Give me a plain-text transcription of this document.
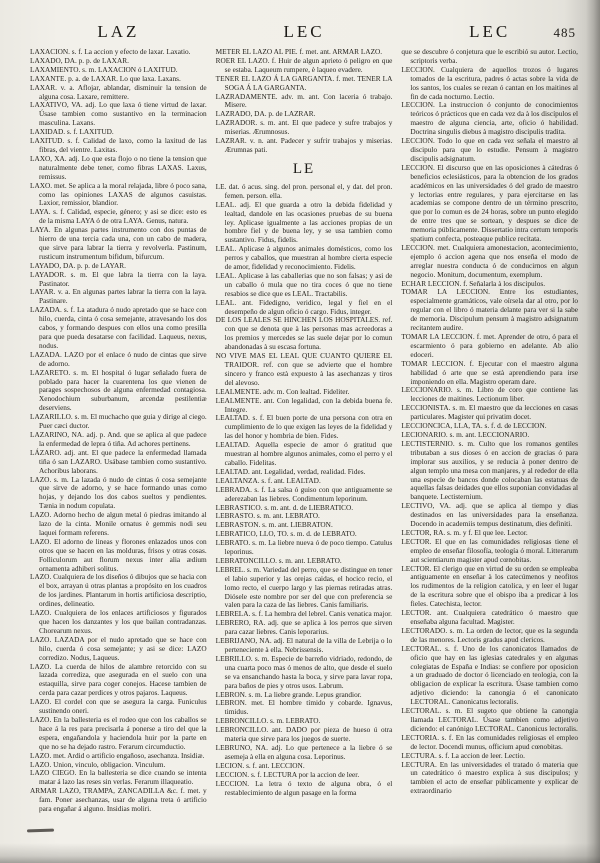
LAZ

LAXACION. s. f. La accion y efecto de laxar. Laxatio.

LAXADO, DA. p. p. de LAXAR.

LAXAMIENTO. s. m. LAXACION ó LAXITUD.

LAXANTE. p. a. de LAXAR. Lo que laxa. Laxans.

LAXAR. v. a. Aflojar, ablandar, disminuir la tension de alguna cosa. Laxare, remittere.

LAXATIVO, VA. adj. Lo que laxa ó tiene virtud de laxar. Úsase tambien como sustantivo en la terminacion masculina. Laxans.

LAXIDAD. s. f. LAXITUD.

LAXITUD. s. f. Calidad de laxo, como la laxitud de las fibras, del vientre. Laxitas.

LAXO, XA. adj. Lo que esta flojo o no tiene la tension que naturalmente debe tener, como fibras LAXAS. Laxus, remissus.

LAXO. met. Se aplica a la moral relajada, libre ó poco sana, como las opiniones LAXAS de algunos casuistas. Laxior, remissior, blandior.

LAYA. s. f. Calidad, especie, género; y asi se dice: esto es de la misma LAYA ó de otra LAYA. Genus, natura.

LAYA. En algunas partes instrumento con dos puntas de hierro de una tercia cada una, con un cabo de madera, que sirve para labrar la tierra y revolverla. Pastinum, rusticum instrumentum bifidum, bifurcum.

LAYADO, DA. p. p. de LAYAR.

LAYADOR. s. m. El que labra la tierra con la laya. Pastinator.

LAYAR. v. a. En algunas partes labrar la tierra con la laya. Pastinare.

LAZADA. s. f. La atadura ó nudo apretado que se hace con hilo, cuerda, cinta ó cosa semejante, atravesando los dos cabos, y formando despues con ellos una como presilla para que pueda desatarse con facilidad. Laqueus, nexus, nodus.

LAZADA. LAZO por el enlace ó nudo de cintas que sirve de adorno.

LAZARETO. s. m. El hospital ó lugar señalado fuera de poblado para hacer la cuarentena los que vienen de parages sospechosos de alguna enfermedad contagiosa. Xenodochium suburbanum, arcendæ pestilentiæ deserviens.

LAZARILLO. s. m. El muchacho que guia y dirige al ciego. Puer cæci ductor.

LAZARINO, NA. adj. p. And. que se aplica al que padece la enfermedad de lepra ó tiña. Ad achores pertinens.

LÁZARO. adj. ant. El que padece la enfermedad llamada tiña ó san LAZARO. Usábase tambien como sustantivo. Achoribus laborans.

LAZO. s. m. La lazada ó nudo de cintas ó cosa semejante que sirve de adorno, y se hace formando unas como hojas, y dejando los dos cabos sueltos y pendientes. Tænia in nodum copulata.

LAZO. Adorno hecho de algun metal ó piedras imitando al lazo de la cinta. Monile ornatus è gemmis nodi seu laquei formam referens.

LAZO. El adorno de lineas y florones enlazados unos con otros que se hacen en las molduras, frisos y otras cosas. Folliculorum aut florum nexus inter alia ædium ornamenta adhiberi solitus.

LAZO. Cualquiera de los diseños ó dibujos que se hacia con el box, arrayan ú otras plantas a propósito en los cuadros de los jardines. Plantarum in hortis artificiosa descriptio, ordines, delineatio.

LAZO. Cualquiera de los enlaces artificiosos y figurados que hacen los danzantes y los que bailan contradanzas. Chorearum nexus.

LAZO. LAZADA por el nudo apretado que se hace con hilo, cuerda ó cosa semejante; y asi se dice: LAZO corredizo. Nodus, Laqueus.

LAZO. La cuerda de hilos de alambre retorcido con su lazada corrediza, que asegurada en el suelo con una estaquilla, sirve para coger conejos. Hacese tambien de cerda para cazar perdices y otros pajaros. Laqueus.

LAZO. El cordel con que se asegura la carga. Funiculus sustinendo oneri.

LAZO. En la ballesteria es el rodeo que con los caballos se hace á la res para precisarla á ponerse a tiro del que la espera, engañandola y haciendola huir por la parte en que no se ha dejado rastro. Ferarum circumductio.

LAZO. met. Ardid o artificio engañoso, asechanza. Insidiæ.

LAZO. Union, vinculo, obligacion. Vinculum.

LAZO CIEGO. En la ballesteria se dice cuando se intenta matar á lazo las reses sin verlas. Ferarum illaqueatio.

ARMAR LAZO, TRAMPA, ZANCADILLA &c. f. met. y fam. Poner asechanzas, usar de alguna treta ó artificio para engañar á alguno. Insidias moliri.

LEC

METER EL LAZO AL PIE. f. met. ant. ARMAR LAZO.

ROER EL LAZO. f. Huir de algun aprieto ó peligro en que se estaba. Laqueum rumpere, è laqueo evadere.

TENER EL LAZO Á LA GARGANTA. f. met. TENER LA SOGA Á LA GARGANTA.

LAZRADAMENTE. adv. m. ant. Con laceria ó trabajo. Misere.

LAZRADO, DA. p. de LAZRAR.

LAZRADOR. s. m. ant. El que padece y sufre trabajos y miserias. Ærumnosus.

LAZRAR. v. n. ant. Padecer y sufrir trabajos y miserias. Ærumnas pati.

LE

LE. dat. ó acus. sing. del pron. personal el, y dat. del pron. femen. person. ella.

LEAL. adj. El que guarda a otro la debida fidelidad y lealtad, dandole en las ocasiones pruebas de su buena ley. Aplicase igualmente a las acciones propias de un hombre fiel y de buena ley, y se usa tambien como sustantivo. Fidus, fidelis.

LEAL. Aplicase à algunos animales domésticos, como los perros y caballos, que muestran al hombre cierta especie de amor, fidelidad y reconocimiento. Fidelis.

LEAL. Aplicase à las caballerias que no son falsas; y asi de un caballo ó mula que no tira coces ó que no tiene resabios se dice que es LEAL. Tractabilis.

LEAL. ant. Fidedigno, veridico, legal y fiel en el desempeño de algun oficio ó cargo. Fidus, integer.

DE LOS LEALES SE HINCHEN LOS HOSPITALES. ref. con que se denota que à las personas mas acreedoras a los premios y mercedes se las suele dejar por lo comun abandonadas à su escasa fortuna.

NO VIVE MAS EL LEAL QUE CUANTO QUIERE EL TRAIDOR. ref. con que se advierte que el hombre sincero y franco està expuesto à las asechanzas y tiros del alevoso.

LEALMENTE. adv. m. Con lealtad. Fideliter.

LEALMENTE. ant. Con legalidad, con la debida buena fe. Integre.

LEALTAD. s. f. El buen porte de una persona con otra en cumplimiento de lo que exigen las leyes de la fidelidad y las del honor y hombria de bien. Fides.

LEALTAD. Aquella especie de amor ó gratitud que muestran al hombre algunos animales, como el perro y el caballo. Fidelitas.

LEALTAD. ant. Legalidad, verdad, realidad. Fides.

LEALTANZA. s. f. ant. LEALTAD.

LEBRADA. s. f. La salsa ó guiso con que antiguamente se aderezaban las liebres. Condimentum leporinum.

LEBRASTICO. s. m. ant. d. de LIEBRATICO.

LEBRASTO. s. m. ant. LEBRATO.

LEBRASTON. s. m. ant. LIEBRATON.

LEBRATICO, LLO, TO. s. m. d. de LEBRATO.

LEBRATO. s. m. La liebre nueva ó de poco tiempo. Catulus leporinus.

LEBRATONCILLO. s. m. ant. LEBRATO.

LEBREL. s. m. Variedad del perro, que se distingue en tener el labio superior y las orejas caidas, el hocico recio, el lomo recto, el cuerpo largo y las piernas retiradas atras. Diósele este nombre por ser del que con preferencia se valen para la caza de las liebres. Canis familiaris.

LEBRELA. s. f. La hembra del lebrel. Canis venatica major.

LEBRERO, RA. adj. que se aplica à los perros que sirven para cazar liebres. Canis leporarius.

LEBRIJANO, NA. adj. El natural de la villa de Lebrija o lo perteneciente à ella. Nebrissensis.

LEBRILLO. s. m. Especie de barreño vidriado, redondo, de una cuarta poco mas ó menos de alto, que desde el suelo se va ensanchando hasta la boca, y sirve para lavar ropa, para baños de pies y otros usos. Labrum.

LEBRON. s. m. La liebre grande. Lepus grandior.

LEBRON. met. El hombre tímido y cobarde. Ignavus, timidus.

LEBRONCILLO. s. m. LEBRATO.

LEBRONCILLO. ant. DADO por pieza de hueso ú otra materia que sirve para los juegos de suerte.

LEBRUNO, NA. adj. Lo que pertenece a la liebre ó se asemeja à ella en alguna cosa. Leporinus.

LECION. s. f. ant. LECCION.

LECCION. s. f. LECTURA por la accion de leer.

LECCION. La letra ó texto de alguna obra, ó el restablecimiento de algun pasage en la forma

LEC	485

que se descubre ó conjetura que le escribió su autor. Lectio, scriptoris verba.

LECCION. Cualquiera de aquellos trozos ó lugares tomados de la escritura, padres ó actas sobre la vida de los santos, los cuales se rezan ó cantan en los maitines al fin de cada nocturno. Lectio.

LECCION. La instruccion ó conjunto de conocimientos teóricos ó prácticos que en cada vez da à los discípulos el maestro de alguna ciencia, arte, oficio ó habilidad. Doctrina singulis diebus à magistro discipulis tradita.

LECCION. Todo lo que en cada vez señala el maestro al discipulo para que lo estudie. Pensum à magistro discipulis adsignatum.

LECCION. El discurso que en las oposiciones à cátedras ó beneficios eclesiásticos, para la obtencion de los grados académicos en las universidades ó del grado de maestro y lectorias entre regulares, y para ejercitarse en las academias se compone dentro de un término prescrito, que por lo comun es de 24 horas, sobre un punto elegido de entre tres que se sortean, y despues se dice de memoria públicamente. Dissertatio intra certum temporis spatium confecta, posteaque publice recitata.

LECCION. met. Cualquiera amonestacion, acontecimiento, ejemplo ó accion agena que nos enseña el modo de arreglar nuestra conducta ó de conducirnos en algun negocio. Monitum, documentum, exemplum.

ECHAR LECCION. f. Señalarla à los discipulos.

TOMAR LA LECCION. Entre los estudiantes, especialmente gramáticos, vale oírsela dar al otro, por lo regular con el libro ó materia delante para ver si la sabe de memoria. Discipulum pensum à magistro adsignatum recitantem audire.

TOMAR LA LECCION. f. met. Aprender de otro, ó para el escarmiento ó para gobierno en adelante. Ab alio edoceri.

TOMAR LECCION. f. Ejecutar con el maestro alguna habilidad ó arte que se està aprendiendo para irse imponiendo en ella. Magistro operam dare.

LECCIONARIO. s. m. Libro de coro que contiene las lecciones de maitines. Lectionum liber.

LECCIONISTA. s. m. El maestro que da lecciones en casas particulares. Magister qui privatim docet.

LECCIONCICA, LLA, TA. s. f. d. de LECCION.

LECIONARIO. s. m. ant. LECCIONARIO.

LECTISTERNIO. s. m. Culto que los romanos gentiles tributaban a sus dioses ó en accion de gracias ó para implorar sus auxilios, y se reducia à poner dentro de algun templo una mesa con manjares, y al rededor de ella una especie de bancos donde colocaban las estatuas de aquellas falsas deidades que ellos suponian convidadas al banquete. Lectisternium.

LECTIVO, VA. adj. que se aplica al tiempo y dias destinados en las universidades para la enseñanza. Docendo in academiis tempus destinatum, dies definiti.

LECTOR, RA. s. m. y f. El que lee. Lector.

LECTOR. El que en las comunidades religiosas tiene el empleo de enseñar filosofía, teología ó moral. Litterarum aut scientiarum magister apud cœnobitas.

LECTOR. El clerigo que en virtud de su orden se empleaba antiguamente en enseñar à los catecúmenos y neofitos los rudimentos de la religion catolica, y en leer el lugar de la escritura sobre que el obispo iba a predicar à los fieles. Catechista, lector.

LECTOR. ant. Cualquiera catedrático ó maestro que enseñaba alguna facultad. Magister.

LECTORADO. s. m. La orden de lector, que es la segunda de las menores. Lectoris gradus apud clericos.

LECTORAL. s. f. Uno de los canonicatos llamados de oficio que hay en las iglesias catedrales y en algunas colegiatas de España e Indias: se confiere por oposicion a un graduado de doctor ó licenciado en teologia, con la obligacion de explicar la escritura. Úsase tambien como adjetivo diciendo: la canongia ó el canonicato LECTORAL. Canonicatus lectoralis.

LECTORAL. s. m. El sugeto que obtiene la canongia llamada LECTORAL. Úsase tambien como adjetivo diciendo: el canónigo LECTORAL. Canonicus lectoralis.

LECTORIA. s. f. En las comunidades religiosas el empleo de lector. Docendi munus, officium apud cœnobitas.

LECTURA. s. f. La accion de leer. Lectio.

LECTURA. En las universidades el tratado ó materia que un catedrático ó maestro explica à sus discipulos; y tambien el acto de enseñar públicamente y explicar de extraordinario
